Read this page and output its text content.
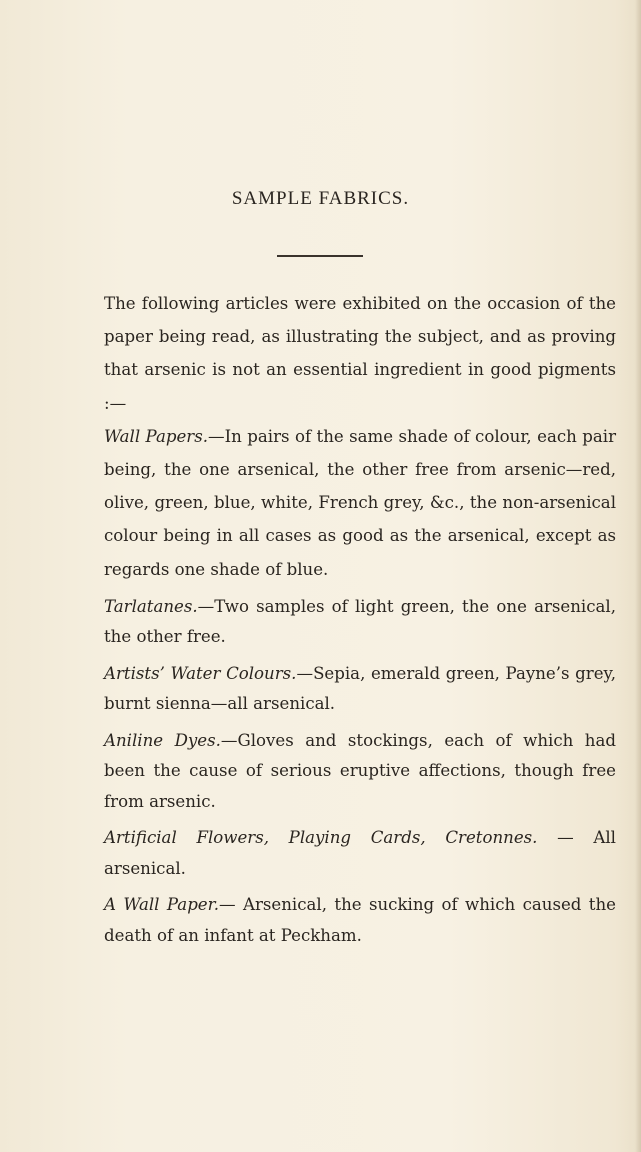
SAMPLE FABRICS.

The following articles were exhibited on the occasion of the paper being read, as illustrating the subject, and as proving that arsenic is not an essential ingredient in good pigments :—

Wall Papers.—In pairs of the same shade of colour, each pair being, the one arsenical, the other free from arsenic—red, olive, green, blue, white, French grey, &c., the non-arsenical colour being in all cases as good as the arsenical, except as regards one shade of blue.

Tarlatanes.—Two samples of light green, the one arsenical, the other free.

Artists’ Water Colours.—Sepia, emerald green, Payne’s grey, burnt sienna—all arsenical.

Aniline Dyes.—Gloves and stockings, each of which had been the cause of serious eruptive affections, though free from arsenic.

Artificial Flowers, Playing Cards, Cretonnes. — All arsenical.

A Wall Paper.— Arsenical, the sucking of which caused the death of an infant at Peckham.
